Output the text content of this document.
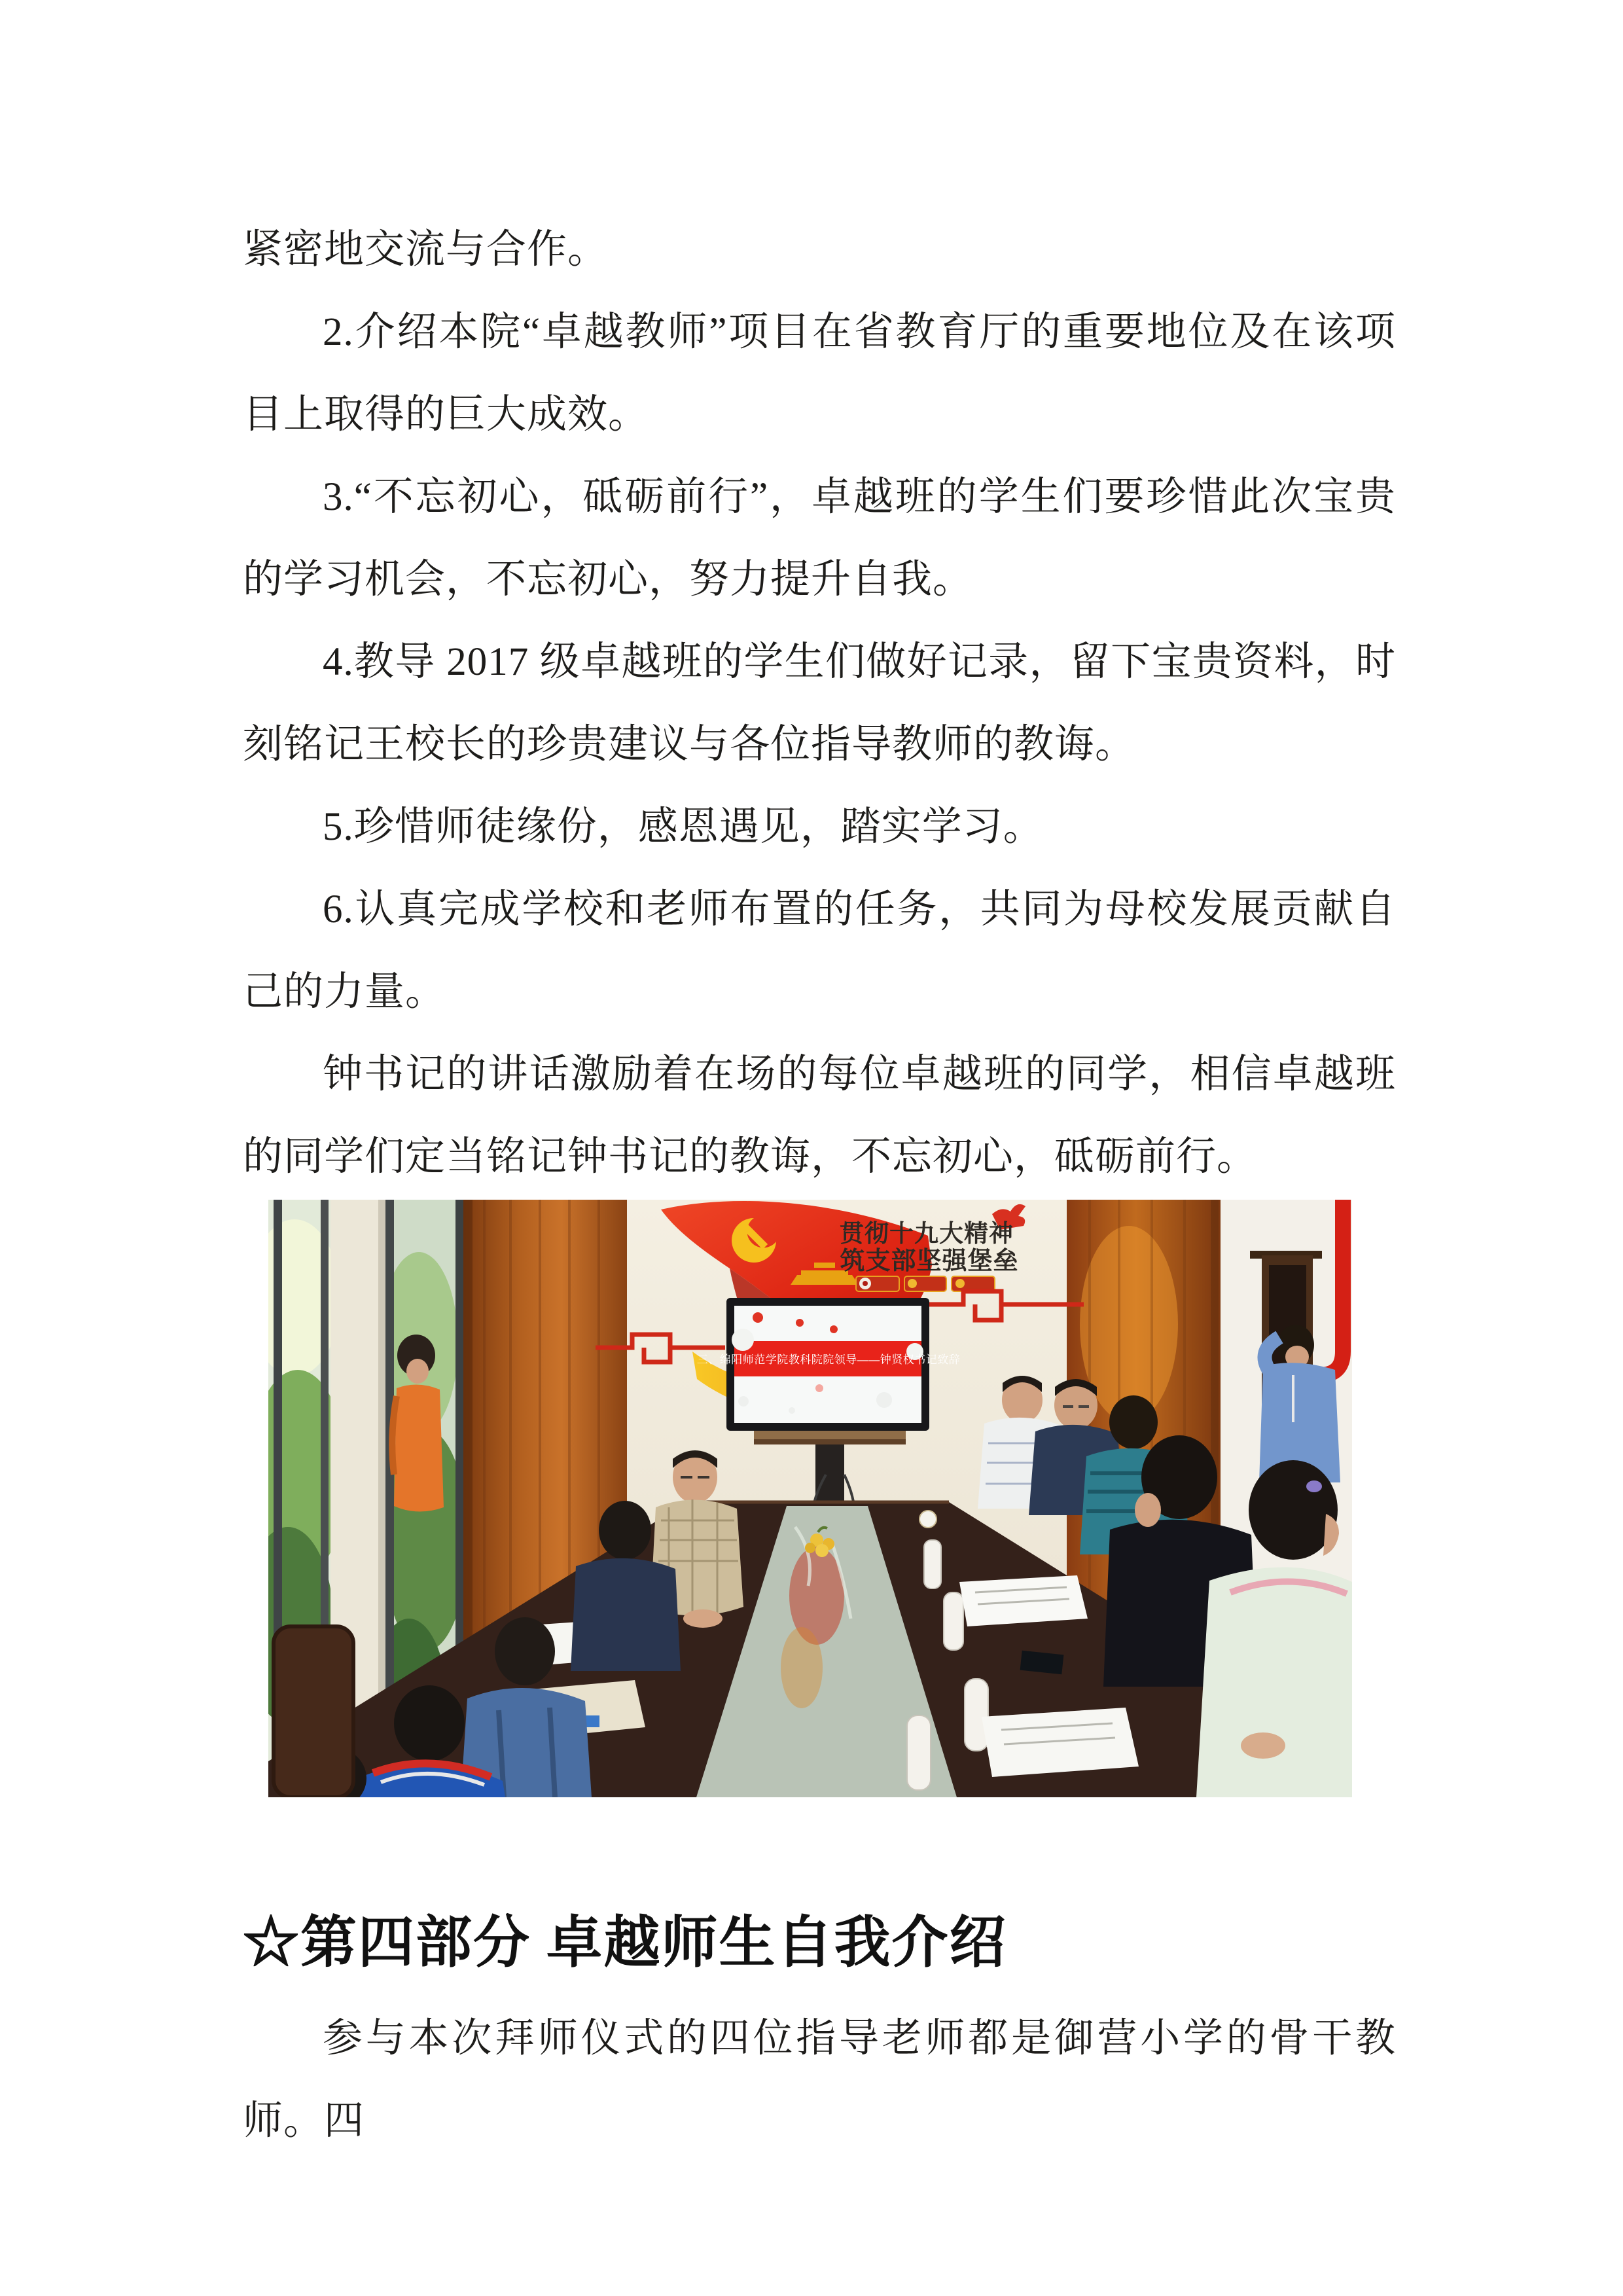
紧密地交流与合作。

2.介绍本院“卓越教师”项目在省教育厅的重要地位及在该项目上取得的巨大成效。

3.“不忘初心，砥砺前行”，卓越班的学生们要珍惜此次宝贵的学习机会，不忘初心，努力提升自我。

4.教导 2017 级卓越班的学生们做好记录，留下宝贵资料，时刻铭记王校长的珍贵建议与各位指导教师的教诲。

5.珍惜师徒缘份，感恩遇见，踏实学习。

6.认真完成学校和老师布置的任务，共同为母校发展贡献自己的力量。

钟书记的讲话激励着在场的每位卓越班的同学，相信卓越班的同学们定当铭记钟书记的教诲，不忘初心，砥砺前行。

贯彻十九大精神
筑支部坚强堡垒
三、绵阳师范学院教科院院领导——钟贤权书记致辞
☆第四部分 卓越师生自我介绍

参与本次拜师仪式的四位指导老师都是御营小学的骨干教师。四
